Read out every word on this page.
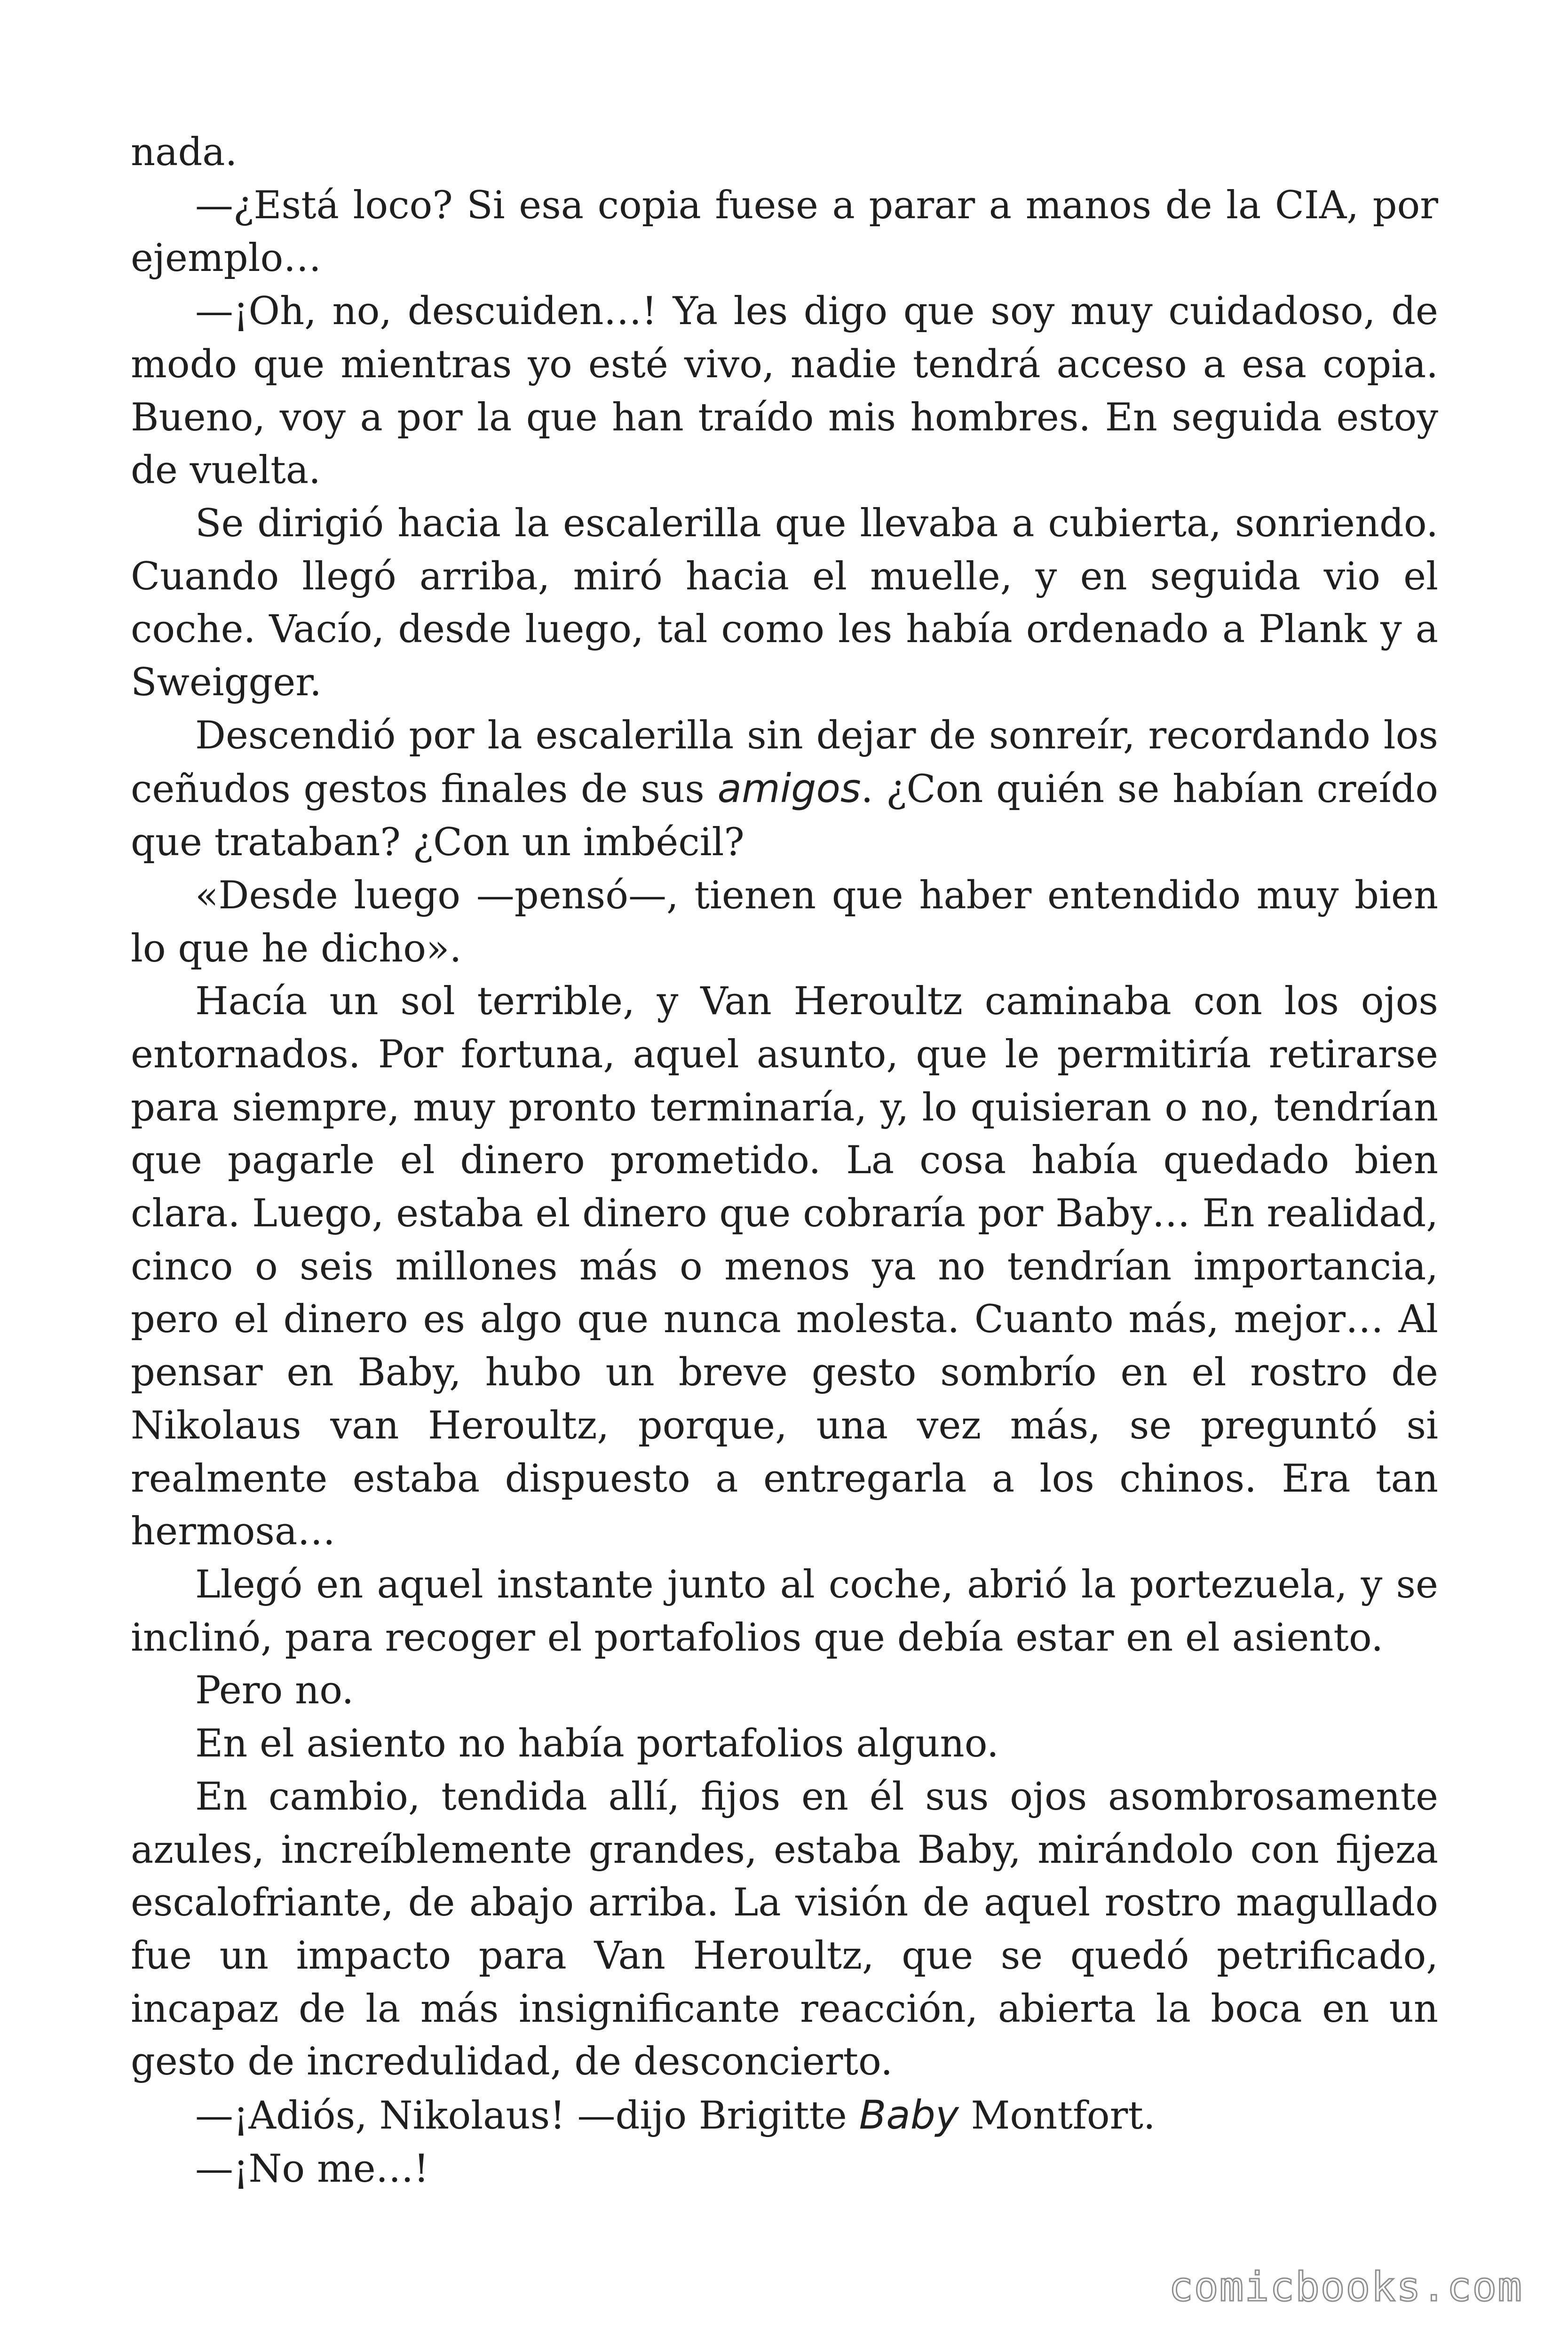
nada.

—¿Está loco? Si esa copia fuese a parar a manos de la CIA, por ejemplo…

—¡Oh, no, descuiden…! Ya les digo que soy muy cuidadoso, de modo que mientras yo esté vivo, nadie tendrá acceso a esa copia. Bueno, voy a por la que han traído mis hombres. En seguida estoy de vuelta.

Se dirigió hacia la escalerilla que llevaba a cubierta, sonriendo. Cuando llegó arriba, miró hacia el muelle, y en seguida vio el coche. Vacío, desde luego, tal como les había ordenado a Plank y a Sweigger.

Descendió por la escalerilla sin dejar de sonreír, recordando los ceñudos gestos finales de sus amigos. ¿Con quién se habían creído que trataban? ¿Con un imbécil?

«Desde luego —pensó—, tienen que haber entendido muy bien lo que he dicho».

Hacía un sol terrible, y Van Heroultz caminaba con los ojos entornados. Por fortuna, aquel asunto, que le permitiría retirarse para siempre, muy pronto terminaría, y, lo quisieran o no, tendrían que pagarle el dinero prometido. La cosa había quedado bien clara. Luego, estaba el dinero que cobraría por Baby… En realidad, cinco o seis millones más o menos ya no tendrían importancia, pero el dinero es algo que nunca molesta. Cuanto más, mejor… Al pensar en Baby, hubo un breve gesto sombrío en el rostro de Nikolaus van Heroultz, porque, una vez más, se preguntó si realmente estaba dispuesto a entregarla a los chinos. Era tan hermosa…

Llegó en aquel instante junto al coche, abrió la portezuela, y se inclinó, para recoger el portafolios que debía estar en el asiento.

Pero no.

En el asiento no había portafolios alguno.

En cambio, tendida allí, fijos en él sus ojos asombrosamente azules, increíblemente grandes, estaba Baby, mirándolo con fijeza escalofriante, de abajo arriba. La visión de aquel rostro magullado fue un impacto para Van Heroultz, que se quedó petrificado, incapaz de la más insignificante reacción, abierta la boca en un gesto de incredulidad, de desconcierto.

—¡Adiós, Nikolaus! —dijo Brigitte Baby Montfort.

—¡No me…!

comicbooks.com
